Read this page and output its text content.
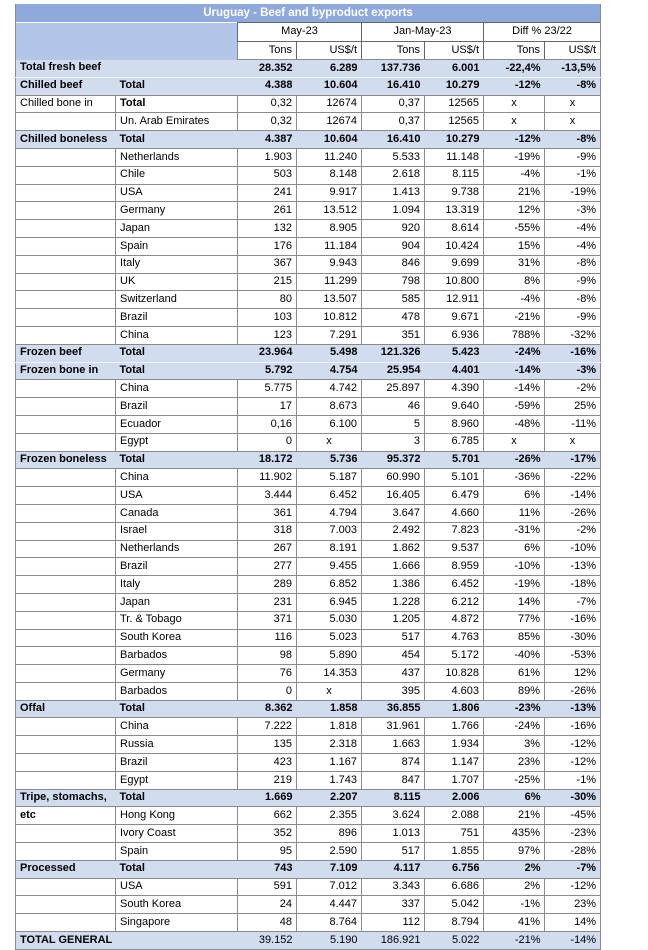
Uruguay - Beef and byproduct exports							
		May-23		Jan-May-23		Diff % 23/22	
		Tons	US$/t	Tons	US$/t	Tons	US$/t
Total fresh beef		28.352	6.289	137.736	6.001	-22,4%	-13,5%
Chilled beef	Total	4.388	10.604	16.410	10.279	-12%	-8%
Chilled bone in	Total	0,32	12674	0,37	12565	x	x
	Un. Arab Emirates	0,32	12674	0,37	12565	x	x
Chilled boneless	Total	4.387	10.604	16.410	10.279	-12%	-8%
	Netherlands	1.903	11.240	5.533	11.148	-19%	-9%
	Chile	503	8.148	2.618	8.115	-4%	-1%
	USA	241	9.917	1.413	9.738	21%	-19%
	Germany	261	13.512	1.094	13.319	12%	-3%
	Japan	132	8.905	920	8.614	-55%	-4%
	Spain	176	11.184	904	10.424	15%	-4%
	Italy	367	9.943	846	9.699	31%	-8%
	UK	215	11.299	798	10.800	8%	-9%
	Switzerland	80	13.507	585	12.911	-4%	-8%
	Brazil	103	10.812	478	9.671	-21%	-9%
	China	123	7.291	351	6.936	788%	-32%
Frozen beef	Total	23.964	5.498	121.326	5.423	-24%	-16%
Frozen bone in	Total	5.792	4.754	25.954	4.401	-14%	-3%
	China	5.775	4.742	25.897	4.390	-14%	-2%
	Brazil	17	8.673	46	9.640	-59%	25%
	Ecuador	0,16	6.100	5	8.960	-48%	-11%
	Egypt	0	x	3	6.785	x	x
Frozen boneless	Total	18.172	5.736	95.372	5.701	-26%	-17%
	China	11.902	5.187	60.990	5.101	-36%	-22%
	USA	3.444	6.452	16.405	6.479	6%	-14%
	Canada	361	4.794	3.647	4.660	11%	-26%
	Israel	318	7.003	2.492	7.823	-31%	-2%
	Netherlands	267	8.191	1.862	9.537	6%	-10%
	Brazil	277	9.455	1.666	8.959	-10%	-13%
	Italy	289	6.852	1.386	6.452	-19%	-18%
	Japan	231	6.945	1.228	6.212	14%	-7%
	Tr. & Tobago	371	5.030	1.205	4.872	77%	-16%
	South Korea	116	5.023	517	4.763	85%	-30%
	Barbados	98	5.890	454	5.172	-40%	-53%
	Germany	76	14.353	437	10.828	61%	12%
	Barbados	0	x	395	4.603	89%	-26%
Offal	Total	8.362	1.858	36.855	1.806	-23%	-13%
	China	7.222	1.818	31.961	1.766	-24%	-16%
	Russia	135	2.318	1.663	1.934	3%	-12%
	Brazil	423	1.167	874	1.147	23%	-12%
	Egypt	219	1.743	847	1.707	-25%	-1%
Tripe, stomachs,	Total	1.669	2.207	8.115	2.006	6%	-30%
etc	Hong Kong	662	2.355	3.624	2.088	21%	-45%
	Ivory Coast	352	896	1.013	751	435%	-23%
	Spain	95	2.590	517	1.855	97%	-28%
Processed	Total	743	7.109	4.117	6.756	2%	-7%
	USA	591	7.012	3.343	6.686	2%	-12%
	South Korea	24	4.447	337	5.042	-1%	23%
	Singapore	48	8.764	112	8.794	41%	14%
TOTAL GENERAL		39.152	5.190	186.921	5.022	-21%	-14%
